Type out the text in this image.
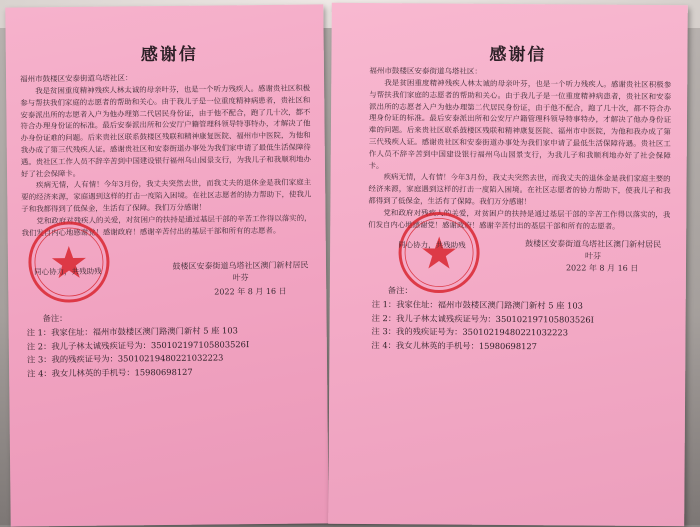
感谢信
福州市鼓楼区安泰街道乌塔社区：

我是贫困重度精神残疾人林太诚的母亲叶芬，也是一个听力残疾人。感谢贵社区积极参与帮扶我们家庭的志愿者的帮助和关心。由于我儿子是一位重度精神病患者，贵社区和安泰派出所的志愿者入户为他办理第二代居民身份证，由于他不配合，跑了几十次，都不符合办理身份证的标准。最后安泰派出所和公安厅户籍管理科领导特事特办，才解决了他办身份证难的问题。后来贵社区联系鼓楼区残联和精神康复医院、福州市中医院，为他和我办成了第三代残疾人证。感谢贵社区和安泰街道办事处为我们家申请了最低生活保障待遇。贵社区工作人员不辞辛苦到中国建设银行福州乌山园景支行，为我儿子和我顺利地办好了社会保障卡。

疾病无情，人有情！今年3月份，我丈夫突然去世，而我丈夫的退休金是我们家庭主要的经济来源，家庭遇到这样的打击一度陷入困境。在社区志愿者的协力帮助下，使我儿子和我都得到了低保金，生活有了保障。我们万分感谢！

党和政府对残疾人的关爱，对贫困户的扶持是通过基层干部的辛苦工作得以落实的，我们发自内心地感谢党！感谢政府！感谢辛苦付出的基层干部和所有的志愿者。

同心协力，共残助残
鼓楼区安泰街道乌塔社区澳门新村居民
叶芬
2022 年 8 月 16 日
备注：
注 1：我家住址：福州市鼓楼区澳门路澳门新村 5 座 103
注 2：我儿子林太诚残疾证号为：350102197105803526I
注 3：我的残疾证号为：35010219480221032223
注 4：我女儿林英的手机号：15980698127
感谢信
福州市鼓楼区安泰街道乌塔社区：

我是贫困重度精神残疾人林太诚的母亲叶芬，也是一个听力残疾人。感谢贵社区积极参与帮扶我们家庭的志愿者的帮助和关心。由于我儿子是一位重度精神病患者，贵社区和安泰派出所的志愿者入户为他办理第二代居民身份证，由于他不配合，跑了几十次，都不符合办理身份证的标准。最后安泰派出所和公安厅户籍管理科领导特事特办，才解决了他办身份证难的问题。后来贵社区联系鼓楼区残联和精神康复医院、福州市中医院，为他和我办成了第三代残疾人证。感谢贵社区和安泰街道办事处为我们家申请了最低生活保障待遇。贵社区工作人员不辞辛苦到中国建设银行福州乌山园景支行，为我儿子和我顺利地办好了社会保障卡。

疾病无情，人有情！今年3月份，我丈夫突然去世，而我丈夫的退休金是我们家庭主要的经济来源，家庭遇到这样的打击一度陷入困境。在社区志愿者的协力帮助下，使我儿子和我都得到了低保金，生活有了保障。我们万分感谢！

党和政府对残疾人的关爱，对贫困户的扶持是通过基层干部的辛苦工作得以落实的，我们发自内心地感谢党！感谢政府！感谢辛苦付出的基层干部和所有的志愿者。

同心协力，共残助残	鼓楼区安泰街道乌塔社区澳门新村居民
叶芬
2022 年 8 月 16 日
备注：
注 1：我家住址：福州市鼓楼区澳门路澳门新村 5 座 103
注 2：我儿子林太诚残疾证号为：350102197105803526I
注 3：我的残疾证号为：35010219480221032223
注 4：我女儿林英的手机号：15980698127
